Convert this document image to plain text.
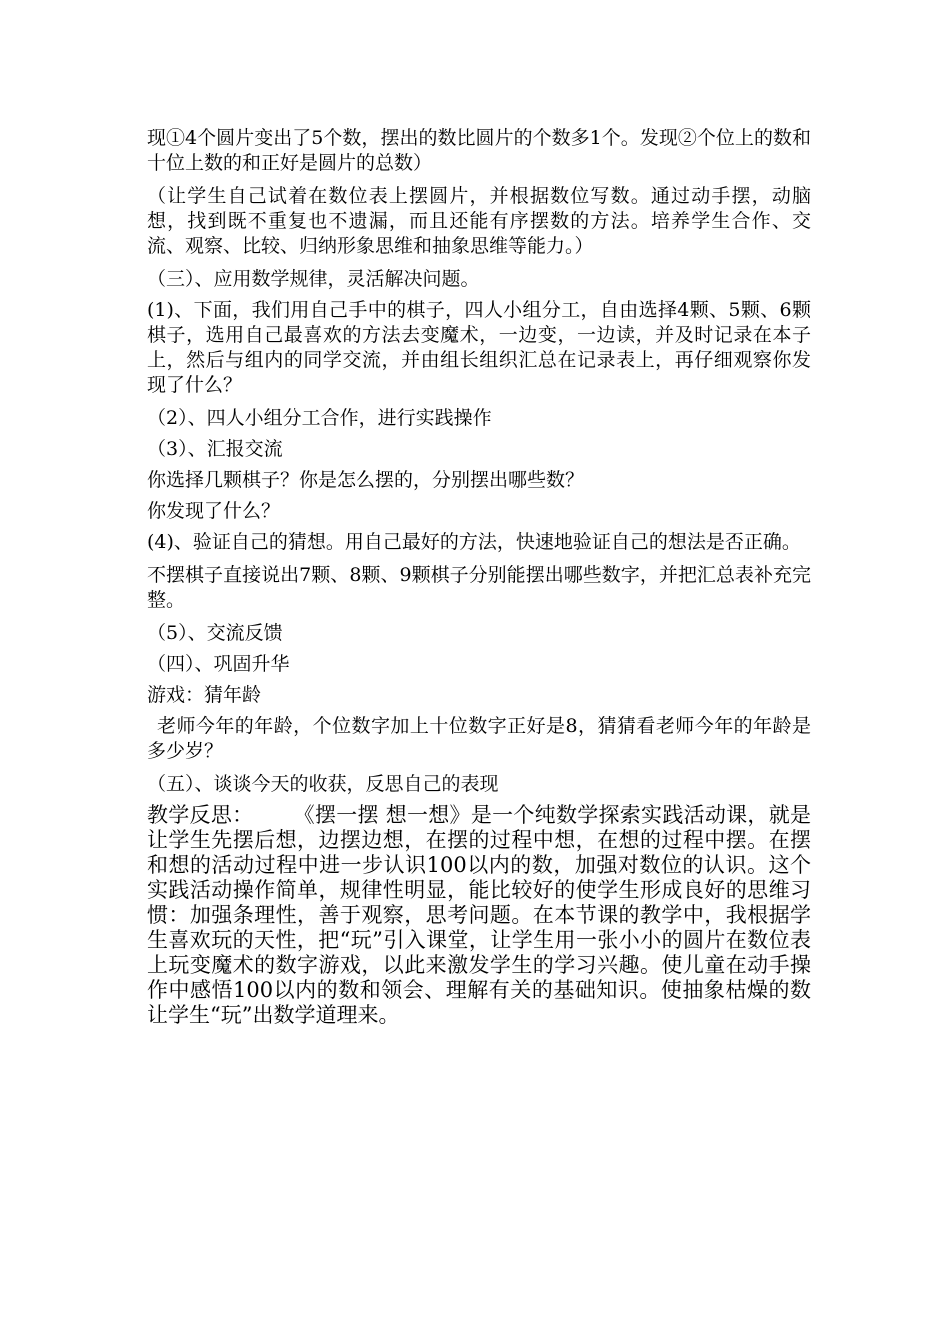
现①4个圆片变出了5个数，摆出的数比圆片的个数多1个。发现②个位上的数和十位上数的和正好是圆片的总数）

（让学生自己试着在数位表上摆圆片，并根据数位写数。通过动手摆，动脑想，找到既不重复也不遗漏，而且还能有序摆数的方法。培养学生合作、交流、观察、比较、归纳形象思维和抽象思维等能力。）

（三）、应用数学规律，灵活解决问题。

(1)、下面，我们用自己手中的棋子，四人小组分工，自由选择4颗、5颗、6颗棋子，选用自己最喜欢的方法去变魔术，一边变，一边读，并及时记录在本子上，然后与组内的同学交流，并由组长组织汇总在记录表上，再仔细观察你发现了什么？

（2）、四人小组分工合作，进行实践操作

（3）、汇报交流

你选择几颗棋子？你是怎么摆的，分别摆出哪些数？

你发现了什么？

(4)、验证自己的猜想。用自己最好的方法，快速地验证自己的想法是否正确。

不摆棋子直接说出7颗、8颗、9颗棋子分别能摆出哪些数字，并把汇总表补充完整。

（5）、交流反馈

（四）、巩固升华

游戏：猜年龄

老师今年的年龄，个位数字加上十位数字正好是8，猜猜看老师今年的年龄是多少岁？

（五）、谈谈今天的收获，反思自己的表现

教学反思： 《摆一摆 想一想》是一个纯数学探索实践活动课，就是让学生先摆后想，边摆边想，在摆的过程中想，在想的过程中摆。在摆和想的活动过程中进一步认识100以内的数，加强对数位的认识。这个实践活动操作简单，规律性明显，能比较好的使学生形成良好的思维习惯：加强条理性，善于观察，思考问题。在本节课的教学中，我根据学生喜欢玩的天性，把“玩”引入课堂，让学生用一张小小的圆片在数位表上玩变魔术的数字游戏，以此来激发学生的学习兴趣。使儿童在动手操作中感悟100以内的数和领会、理解有关的基础知识。使抽象枯燥的数让学生“玩”出数学道理来。
